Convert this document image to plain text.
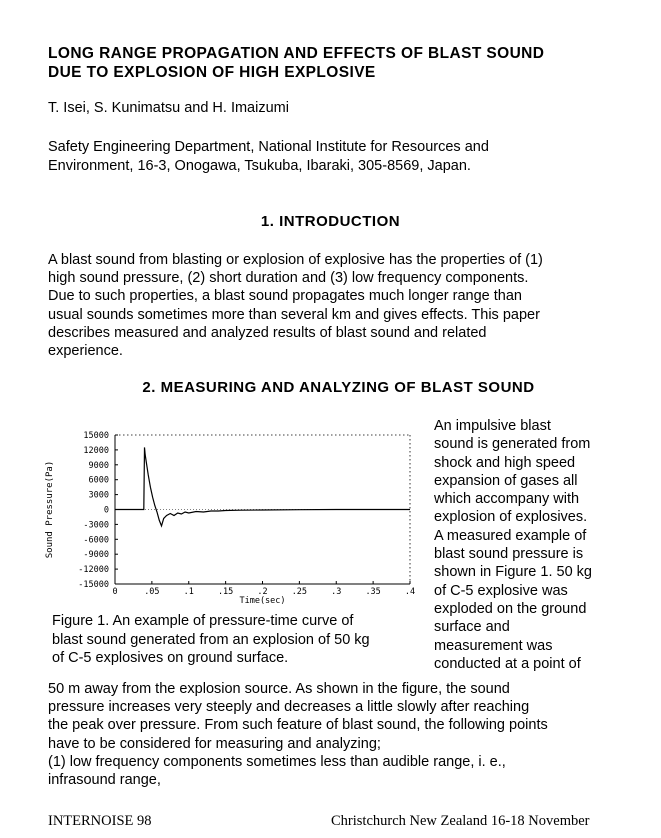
LONG RANGE PROPAGATION AND EFFECTS OF BLAST SOUND
DUE TO EXPLOSION OF HIGH EXPLOSIVE
T. Isei, S. Kunimatsu and H. Imaizumi
Safety Engineering Department, National Institute for Resources and
Environment, 16-3, Onogawa, Tsukuba, Ibaraki, 305-8569, Japan.
1. INTRODUCTION
A blast sound from blasting or explosion of explosive has the properties of (1)
high sound pressure, (2) short duration and (3) low frequency components.
Due to such properties, a blast sound propagates much longer range than
usual sounds sometimes more than several km and gives effects. This paper
describes measured and analyzed results of blast sound and related
experience.
2. MEASURING AND ANALYZING OF BLAST SOUND
15000
12000
9000
6000
3000
0
-3000
-6000
-9000
-12000
-15000
0	.05	.1	.15	.2	.25	.3	.35	.4
Time(sec)
Sound Pressure(Pa)
Figure 1. An example of pressure-time curve of
blast sound generated from an explosion of 50 kg
of C-5 explosives on ground surface.
An impulsive blast
sound is generated from
shock and high speed
expansion of gases all
which accompany with
explosion of explosives.
A measured example of
blast sound pressure is
shown in Figure 1. 50 kg
of C-5 explosive was
exploded on the ground
surface and
measurement was
conducted at a point of
50 m away from the explosion source. As shown in the figure, the sound
pressure increases very steeply and decreases a little slowly after reaching
the peak over pressure. From such feature of blast sound, the following points
have to be considered for measuring and analyzing;
(1) low frequency components sometimes less than audible range, i. e.,
infrasound range,
INTERNOISE 98	Christchurch New Zealand 16-18 November
